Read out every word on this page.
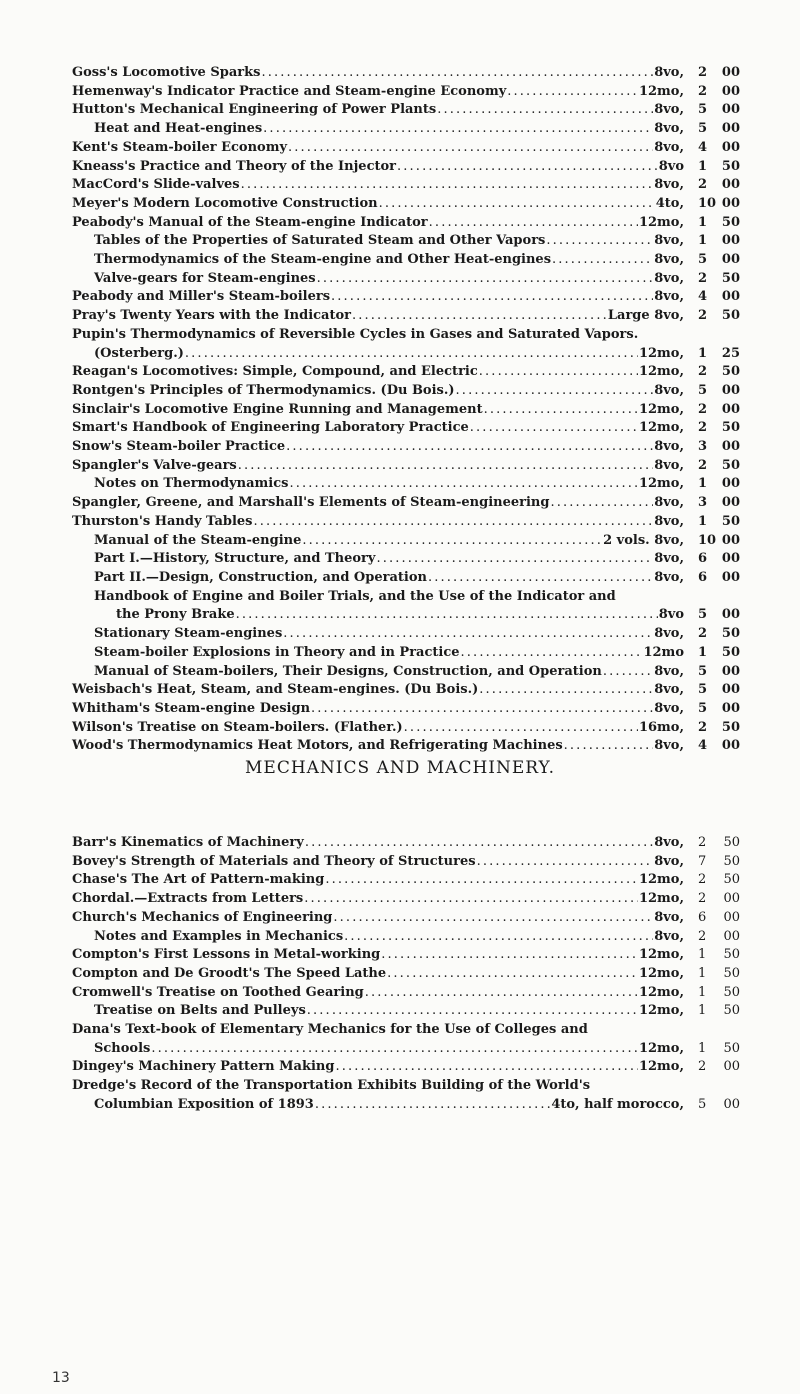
Goss's Locomotive Sparks . . .	8vo,	2 00
Hemenway's Indicator Practice and Steam-engine Economy . . .	12mo,	2 00
Hutton's Mechanical Engineering of Power Plants . . .	8vo,	5 00
Heat and Heat-engines . . .	8vo,	5 00
Kent's Steam-boiler Economy . . .	8vo,	4 00
Kneass's Practice and Theory of the Injector . . .	8vo	1 50
MacCord's Slide-valves . . .	8vo,	2 00
Meyer's Modern Locomotive Construction . . .	4to,	10 00
Peabody's Manual of the Steam-engine Indicator . . .	12mo,	1 50
Tables of the Properties of Saturated Steam and Other Vapors . . .	8vo,	1 00
Thermodynamics of the Steam-engine and Other Heat-engines . . .	8vo,	5 00
Valve-gears for Steam-engines . . .	8vo,	2 50
Peabody and Miller's Steam-boilers . . .	8vo,	4 00
Pray's Twenty Years with the Indicator . . .	Large 8vo,	2 50
Pupin's Thermodynamics of Reversible Cycles in Gases and Saturated Vapors.
(Osterberg.) . . .	12mo,	1 25
Reagan's Locomotives: Simple, Compound, and Electric . . .	12mo,	2 50
Rontgen's Principles of Thermodynamics. (Du Bois.) . . .	8vo,	5 00
Sinclair's Locomotive Engine Running and Management . . .	12mo,	2 00
Smart's Handbook of Engineering Laboratory Practice . . .	12mo,	2 50
Snow's Steam-boiler Practice . . .	8vo,	3 00
Spangler's Valve-gears . . .	8vo,	2 50
Notes on Thermodynamics . . .	12mo,	1 00
Spangler, Greene, and Marshall's Elements of Steam-engineering . . .	8vo,	3 00
Thurston's Handy Tables . . .	8vo,	1 50
Manual of the Steam-engine . . .	2 vols. 8vo,	10 00
Part I.—History, Structure, and Theory . . .	8vo,	6 00
Part II.—Design, Construction, and Operation . . .	8vo,	6 00
Handbook of Engine and Boiler Trials, and the Use of the Indicator and
the Prony Brake . . .	8vo	5 00
Stationary Steam-engines . . .	8vo,	2 50
Steam-boiler Explosions in Theory and in Practice . . .	12mo	1 50
Manual of Steam-boilers, Their Designs, Construction, and Operation . . .	8vo,	5 00
Weisbach's Heat, Steam, and Steam-engines. (Du Bois.) . . .	8vo,	5 00
Whitham's Steam-engine Design . . .	8vo,	5 00
Wilson's Treatise on Steam-boilers. (Flather.) . . .	16mo,	2 50
Wood's Thermodynamics Heat Motors, and Refrigerating Machines . . .	8vo,	4 00
MECHANICS AND MACHINERY.
Barr's Kinematics of Machinery . . .	8vo,	2 50
Bovey's Strength of Materials and Theory of Structures . . .	8vo,	7 50
Chase's The Art of Pattern-making . . .	12mo,	2 50
Chordal.—Extracts from Letters . . .	12mo,	2 00
Church's Mechanics of Engineering . . .	8vo,	6 00
Notes and Examples in Mechanics . . .	8vo,	2 00
Compton's First Lessons in Metal-working . . .	12mo,	1 50
Compton and De Groodt's The Speed Lathe . . .	12mo,	1 50
Cromwell's Treatise on Toothed Gearing . . .	12mo,	1 50
Treatise on Belts and Pulleys . . .	12mo,	1 50
Dana's Text-book of Elementary Mechanics for the Use of Colleges and
Schools . . .	12mo,	1 50
Dingey's Machinery Pattern Making . . .	12mo,	2 00
Dredge's Record of the Transportation Exhibits Building of the World's
Columbian Exposition of 1893 . . .	4to, half morocco,	5 00
13
